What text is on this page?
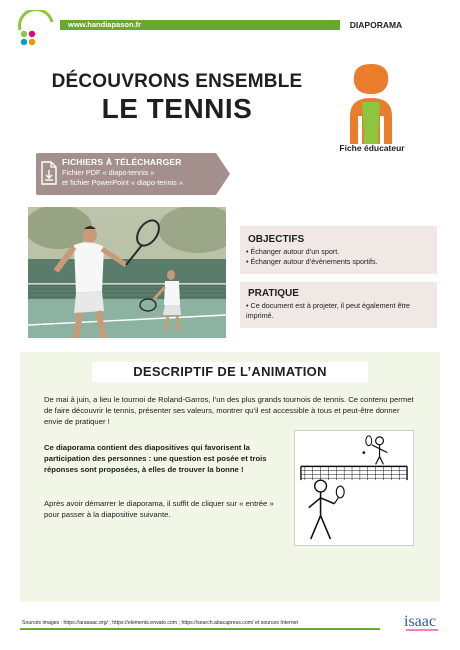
www.handiapason.fr	DIAPORAMA
DÉCOUVRONS ENSEMBLE
LE TENNIS
Fiche éducateur
FICHIERS À TÉLÉCHARGER
Fichier PDF « diapo-tennis »
et fichier PowerPoint « diapo-tennis ».
OBJECTIFS
• Échanger autour d’un sport.
• Échanger autour d’évènements sportifs.
PRATIQUE
• Ce document est à projeter, il peut également être imprimé.
DESCRIPTIF DE L’ANIMATION
De mai à juin, a lieu le tournoi de Roland-Garros, l’un des plus grands tournois de tennis. Ce contenu permet de faire découvrir le tennis, présenter ses valeurs, montrer qu’il est accessible à tous et peut-être donner envie de pratiquer !
Ce diaporama contient des diapositives qui favorisent la participation des personnes : une question est posée et trois réponses sont proposées, à elles de trouver la bonne !
Après avoir démarrer le diaporama, il suffit de cliquer sur « entrée » pour passer à la diapositive suivante.
Sources images : https://arasaac.org/ ; https://elements.envato.com ; https://search.abacapress.com/ et sources Internet	isaac
